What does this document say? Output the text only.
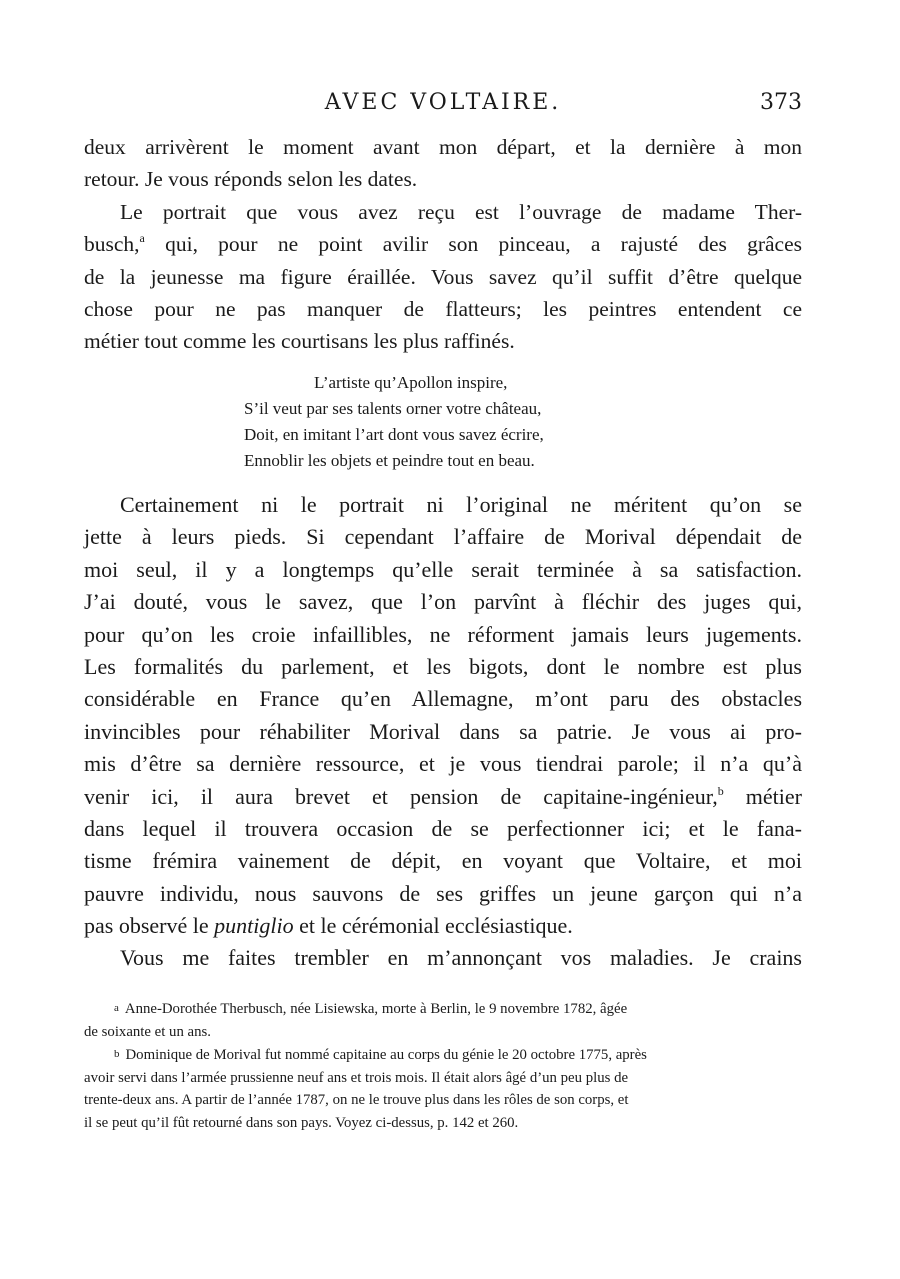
AVEC VOLTAIRE.	373
deux arrivèrent le moment avant mon départ, et la dernière à mon
retour. Je vous réponds selon les dates.
Le portrait que vous avez reçu est l’ouvrage de madame Ther-
busch,$^a$ qui, pour ne point avilir son pinceau, a rajusté des grâces
de la jeunesse ma figure éraillée. Vous savez qu’il suffit d’être quelque
chose pour ne pas manquer de flatteurs; les peintres entendent ce
métier tout comme les courtisans les plus raffinés.
L’artiste qu’Apollon inspire,
S’il veut par ses talents orner votre château,
Doit, en imitant l’art dont vous savez écrire,
Ennoblir les objets et peindre tout en beau.
Certainement ni le portrait ni l’original ne méritent qu’on se
jette à leurs pieds. Si cependant l’affaire de Morival dépendait de
moi seul, il y a longtemps qu’elle serait terminée à sa satisfaction.
J’ai douté, vous le savez, que l’on parvînt à fléchir des juges qui,
pour qu’on les croie infaillibles, ne réforment jamais leurs jugements.
Les formalités du parlement, et les bigots, dont le nombre est plus
considérable en France qu’en Allemagne, m’ont paru des obstacles
invincibles pour réhabiliter Morival dans sa patrie. Je vous ai pro-
mis d’être sa dernière ressource, et je vous tiendrai parole; il n’a qu’à
venir ici, il aura brevet et pension de capitaine-ingénieur,$^b$ métier
dans lequel il trouvera occasion de se perfectionner ici; et le fana-
tisme frémira vainement de dépit, en voyant que Voltaire, et moi
pauvre individu, nous sauvons de ses griffes un jeune garçon qui n’a
pas observé le puntiglio et le cérémonial ecclésiastique.
Vous me faites trembler en m’annonçant vos maladies. Je crains
a Anne-Dorothée Therbusch, née Lisiewska, morte à Berlin, le 9 novembre 1782, âgée
de soixante et un ans.
b Dominique de Morival fut nommé capitaine au corps du génie le 20 octobre 1775, après
avoir servi dans l’armée prussienne neuf ans et trois mois. Il était alors âgé d’un peu plus de
trente-deux ans. A partir de l’année 1787, on ne le trouve plus dans les rôles de son corps, et
il se peut qu’il fût retourné dans son pays. Voyez ci-dessus, p. 142 et 260.
